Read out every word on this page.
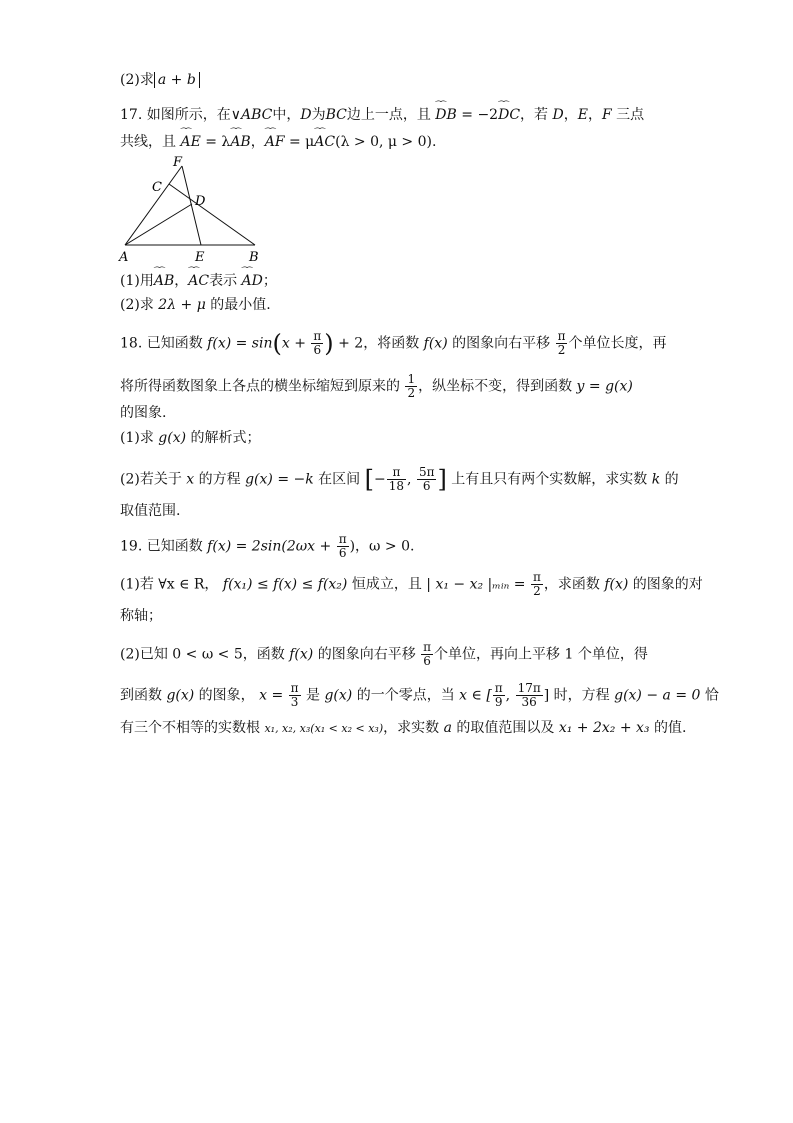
(2)求 a + b
17. 如图所示，在∨ABC中，D为BC边上一点，且 ⏜⏜ DB = −2⏜⏜ DC，若 D，E，F 三点
共线，且 ⏜⏜ AE = λ⏜⏜ AB，⏜⏜ AF = μ⏜⏜ AC(λ > 0, μ > 0).
F
C
D
A	E	B
(1)用⏜⏜ AB，⏜⏜ AC表示 ⏜⏜ AD；
(2)求 2λ + μ 的最小值.
18. 已知函数 $f(x) = \sin(x + \frac{\pi}{6}$ ) + 2，将函数 f(x) 的图象向右平移 $\frac{\pi}{2}$ 个单位长度，再
将所得函数图象上各点的横坐标缩短到原来的 $\frac{1}{2}$ ，纵坐标不变，得到函数 y = g(x)
的图象.
(1)求 g(x) 的解析式；
(2)若关于 x 的方程 g(x) = −k 在区间 [− $\frac{\pi}{18}$ , $\frac{5\pi}{6}$ ] 上有且只有两个实数解，求实数 k 的
取值范围.
19. 已知函数 $f(x) = 2\sin(2\omega x + \frac{\pi}{6}$ )，ω > 0.
(1)若 ∀x ∈ R， f(x₁) ≤ f(x) ≤ f(x₂) 恒成立，且 | x₁ − x₂ |ₘᵢₙ = $\frac{\pi}{2}$ ，求函数 f(x) 的图象的对
称轴；
(2)已知 0 < ω < 5，函数 f(x) 的图象向右平移 $\frac{\pi}{6}$ 个单位，再向上平移 1 个单位，得
到函数 g(x) 的图象， $x = \frac{\pi}{3}$ 是 g(x) 的一个零点，当 x ∈ [ $\frac{\pi}{9}$ , $\frac{17\pi}{36}$ ] 时，方程 g(x) − a = 0 恰
有三个不相等的实数根 x₁, x₂, x₃(x₁ < x₂ < x₃)，求实数 a 的取值范围以及 x₁ + 2x₂ + x₃ 的值.
